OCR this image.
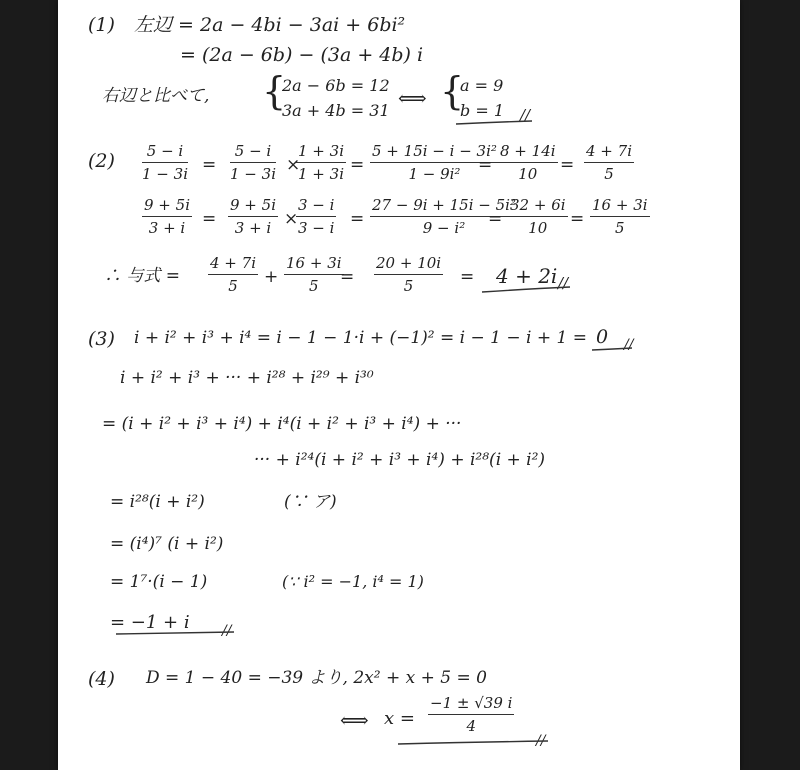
(1) 左辺 = 2a − 4bi − 3ai + 6bi²
= (2a − 6b) − (3a + 4b) i
右辺と比べて, {
2a − 6b = 12
3a + 4b = 31
⟺ {
a = 9
b = 1 //
(2)
∴ 与式 =	4 + 2i //
(3) i + i² + i³ + i⁴ = i − 1 − 1·i + (−1)² = i − 1 − i + 1 = 0 //
i + i² + i³ + ··· + i²⁸ + i²⁹ + i³⁰
= (i + i² + i³ + i⁴) + i⁴(i + i² + i³ + i⁴) + ···
··· + i²⁴(i + i² + i³ + i⁴) + i²⁸(i + i²)
= i²⁸(i + i²)	(∵ ア)
= (i⁴)⁷ (i + i²)
= 1⁷·(i − 1)	(∵ i² = −1, i⁴ = 1)
= −1 + i //
(4) D = 1 − 40 = −39 より, 2x² + x + 5 = 0
⟺ $x = \frac{-1 \pm √39 i}{4}$
//
$\frac{5 - i}{1 - 3i} = \frac{5 - i}{1 - 3i}$ ×
$\frac{1 + 3i}{1 + 3i} = \frac{\text{5 + 15i − i − 3i²}}{\text{1 − 9i²}}$
= $\frac{8 + 14i}{10} = \frac{4 + 7i}{5}$
$\frac{9 + 5i}{3 + i} = \frac{9 + 5i}{3 + i}$ ×
$\frac{3 - i}{3 - i} = \frac{\text{27 − 9i + 15i − 5i²}}{\text{9 − i²}}$
= $\frac{32 + 6i}{10} = \frac{16 + 3i}{5}$
$\frac{4 + 7i}{5} + \frac{16 + 3i}{5}$
= $\frac{20 + 10i}{5}$ =
